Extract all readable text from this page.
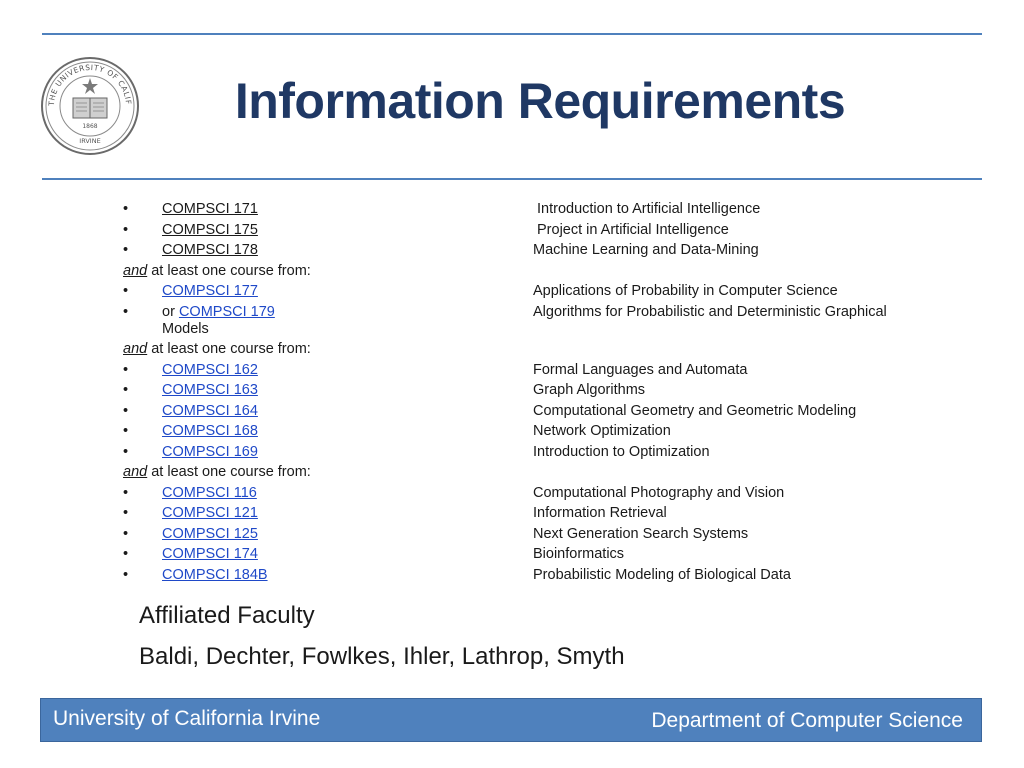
THE UNIVERSITY OF CALIF
1868
IRVINE
Information Requirements
• COMPSCI 171	Introduction to Artificial Intelligence
• COMPSCI 175	Project in Artificial Intelligence
• COMPSCI 178	Machine Learning and Data-Mining
and at least one course from:
• COMPSCI 177	Applications of Probability in Computer Science
• or COMPSCI 179	Algorithms for Probabilistic and Deterministic Graphical
Models
and at least one course from:
• COMPSCI 162	Formal Languages and Automata
• COMPSCI 163	Graph Algorithms
• COMPSCI 164	Computational Geometry and Geometric Modeling
• COMPSCI 168	Network Optimization
• COMPSCI 169	Introduction to Optimization
and at least one course from:
• COMPSCI 116	Computational Photography and Vision
• COMPSCI 121	Information Retrieval
• COMPSCI 125	Next Generation Search Systems
• COMPSCI 174	Bioinformatics
• COMPSCI 184B	Probabilistic Modeling of Biological Data
Affiliated Faculty
Baldi, Dechter, Fowlkes, Ihler, Lathrop, Smyth
University of California Irvine	Department of Computer Science
